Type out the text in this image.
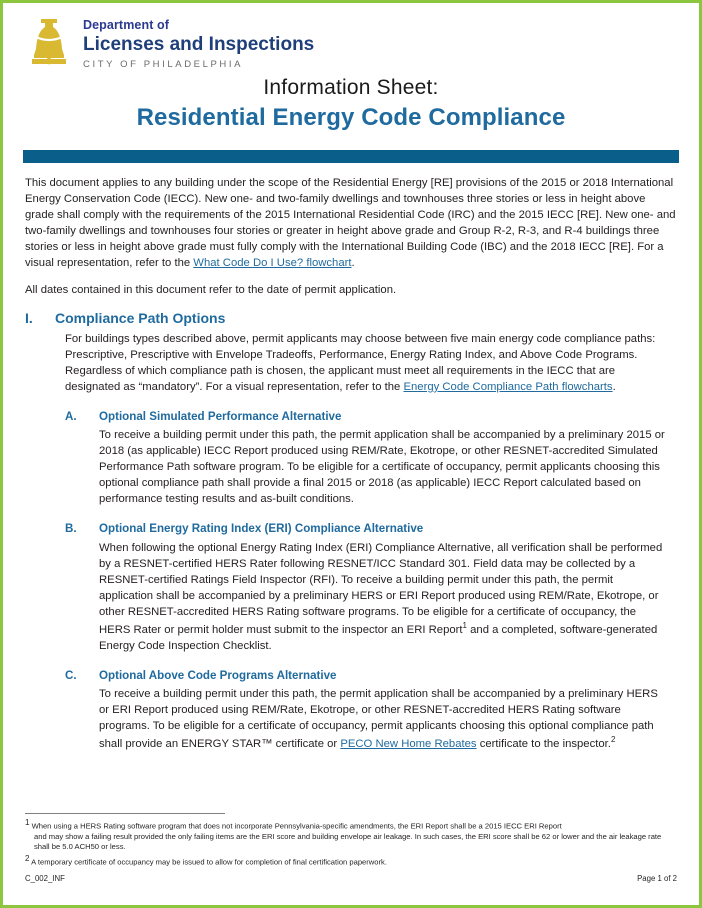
Department of
Licenses and Inspections
CITY OF PHILADELPHIA
Information Sheet:
Residential Energy Code Compliance

This document applies to any building under the scope of the Residential Energy [RE] provisions of the 2015 or 2018 International Energy Conservation Code (IECC). New one- and two-family dwellings and townhouses three stories or less in height above grade shall comply with the requirements of the 2015 International Residential Code (IRC) and the 2015 IECC [RE]. New one- and two-family dwellings and townhouses four stories or greater in height above grade and Group R-2, R-3, and R-4 buildings three stories or less in height above grade must fully comply with the International Building Code (IBC) and the 2018 IECC [RE]. For a visual representation, refer to the What Code Do I Use? flowchart.

All dates contained in this document refer to the date of permit application.

I.	Compliance Path Options
For buildings types described above, permit applicants may choose between five main energy code compliance paths: Prescriptive, Prescriptive with Envelope Tradeoffs, Performance, Energy Rating Index, and Above Code Programs. Regardless of which compliance path is chosen, the applicant must meet all requirements in the IECC that are designated as “mandatory”. For a visual representation, refer to the Energy Code Compliance Path flowcharts.
A.	Optional Simulated Performance Alternative
To receive a building permit under this path, the permit application shall be accompanied by a preliminary 2015 or 2018 (as applicable) IECC Report produced using REM/Rate, Ekotrope, or other RESNET-accredited Simulated Performance Path software program. To be eligible for a certificate of occupancy, permit applicants choosing this optional compliance path shall provide a final 2015 or 2018 (as applicable) IECC Report calculated based on performance testing results and as-built conditions.
B.	Optional Energy Rating Index (ERI) Compliance Alternative
When following the optional Energy Rating Index (ERI) Compliance Alternative, all verification shall be performed by a RESNET-certified HERS Rater following RESNET/ICC Standard 301. Field data may be collected by a RESNET-certified Ratings Field Inspector (RFI). To receive a building permit under this path, the permit application shall be accompanied by a preliminary HERS or ERI Report produced using REM/Rate, Ekotrope, or other RESNET-accredited HERS Rating software programs. To be eligible for a certificate of occupancy, the HERS Rater or permit holder must submit to the inspector an ERI Report$^1$ and a completed, software-generated Energy Code Inspection Checklist.
C.	Optional Above Code Programs Alternative
To receive a building permit under this path, the permit application shall be accompanied by a preliminary HERS or ERI Report produced using REM/Rate, Ekotrope, or other RESNET-accredited HERS Rating software programs. To be eligible for a certificate of occupancy, permit applicants choosing this optional compliance path shall provide an ENERGY STAR™ certificate or PECO New Home Rebates certificate to the inspector.$^2$
$^1$ When using a HERS Rating software program that does not incorporate Pennsylvania-specific amendments, the ERI Report shall be a 2015 IECC ERI Report
and may show a failing result provided the only failing items are the ERI score and building envelope air leakage. In such cases, the ERI score shall be 62 or lower and the air leakage rate shall be 5.0 ACH50 or less.
$^2$ A temporary certificate of occupancy may be issued to allow for completion of final certification paperwork.
C_002_INF	Page 1 of 2
